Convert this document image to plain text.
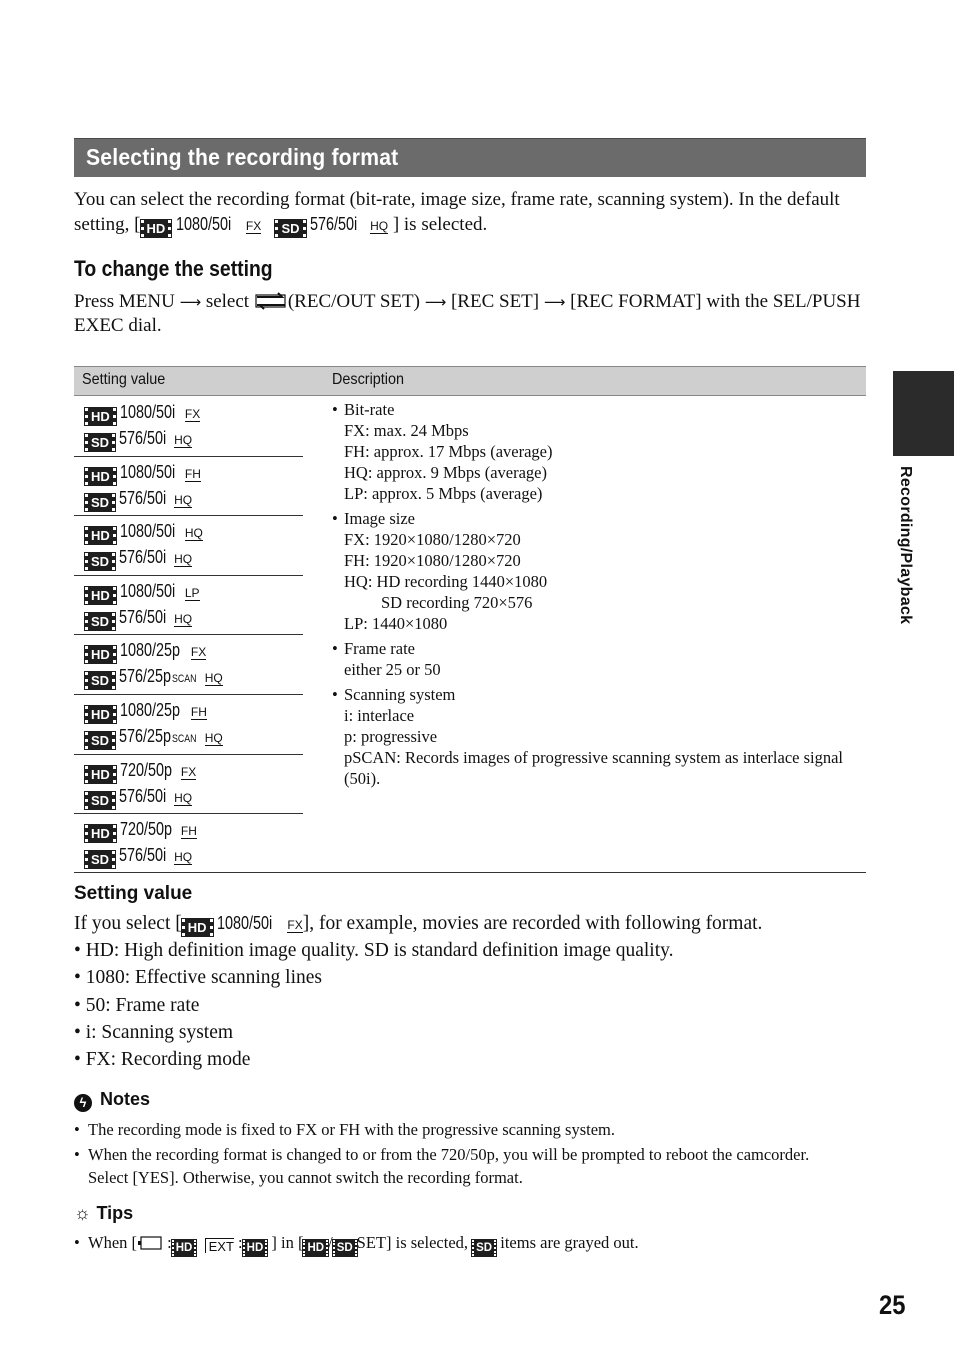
Selecting the recording format
You can select the recording format (bit-rate, image size, frame rate, scanning system). In the default setting, [ HD 1080/50i FX SD 576/50i HQ ] is selected.
To change the setting
Press MENU ⟶ select (REC/OUT SET) ⟶ [REC SET] ⟶ [REC FORMAT] with the SEL/PUSH EXEC dial.
Setting value	Description
HD 1080/50i FX
SD 576/50i HQ
HD 1080/50i FH
SD 576/50i HQ
HD 1080/50i HQ
SD 576/50i HQ
HD 1080/50i LP
SD 576/50i HQ
HD 1080/25p FX
SD 576/25pSCAN HQ
HD 1080/25p FH
SD 576/25pSCAN HQ
HD 720/50p FX
SD 576/50i HQ
HD 720/50p FH
SD 576/50i HQ
• Bit-rate
FX: max. 24 Mbps
FH: approx. 17 Mbps (average)
HQ: approx. 9 Mbps (average)
LP: approx. 5 Mbps (average)
• Image size
FX: 1920×1080/1280×720
FH: 1920×1080/1280×720
HQ: HD recording 1440×1080
SD recording 720×576
LP: 1440×1080
• Frame rate
either 25 or 50
• Scanning system
i: interlace
p: progressive
pSCAN: Records images of progressive scanning system as interlace signal (50i).
Setting value
If you select [ HD 1080/50i FX], for example, movies are recorded with following format.
• HD: High definition image quality. SD is standard definition image quality.
• 1080: Effective scanning lines
• 50: Frame rate
• i: Scanning system
• FX: Recording mode
ϟ Notes
• The recording mode is fixed to FX or FH with the progressive scanning system.
• When the recording format is changed to or from the 720/50p, you will be prompted to reboot the camcorder. Select [YES]. Otherwise, you cannot switch the recording format.
☼ Tips
• When [ : HD EXT : HD ] in [ HD / SD SET] is selected, SD items are grayed out.
Recording/Playback
25
